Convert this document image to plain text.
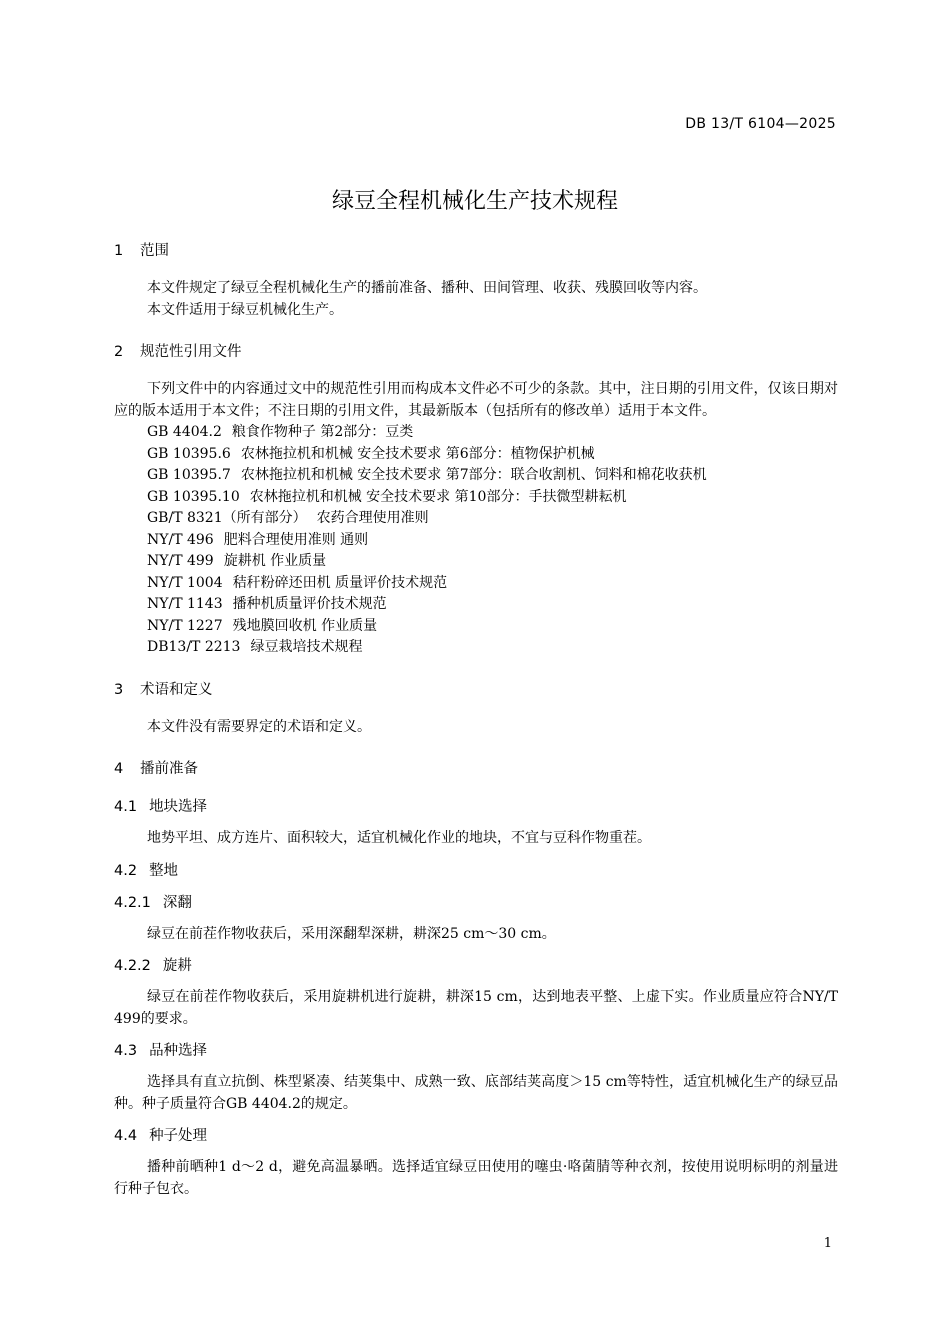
DB 13/T 6104—2025
绿豆全程机械化生产技术规程
1 范围

本文件规定了绿豆全程机械化生产的播前准备、播种、田间管理、收获、残膜回收等内容。

本文件适用于绿豆机械化生产。

2 规范性引用文件

下列文件中的内容通过文中的规范性引用而构成本文件必不可少的条款。其中，注日期的引用文件，仅该日期对应的版本适用于本文件；不注日期的引用文件，其最新版本（包括所有的修改单）适用于本文件。

GB 4404.2 粮食作物种子 第2部分：豆类

GB 10395.6 农林拖拉机和机械 安全技术要求 第6部分：植物保护机械

GB 10395.7 农林拖拉机和机械 安全技术要求 第7部分：联合收割机、饲料和棉花收获机

GB 10395.10 农林拖拉机和机械 安全技术要求 第10部分：手扶微型耕耘机

GB/T 8321（所有部分） 农药合理使用准则

NY/T 496 肥料合理使用准则 通则

NY/T 499 旋耕机 作业质量

NY/T 1004 秸秆粉碎还田机 质量评价技术规范

NY/T 1143 播种机质量评价技术规范

NY/T 1227 残地膜回收机 作业质量

DB13/T 2213 绿豆栽培技术规程

3 术语和定义

本文件没有需要界定的术语和定义。

4 播前准备
4.1 地块选择

地势平坦、成方连片、面积较大，适宜机械化作业的地块，不宜与豆科作物重茬。

4.2 整地
4.2.1 深翻

绿豆在前茬作物收获后，采用深翻犁深耕，耕深25 cm～30 cm。

4.2.2 旋耕

绿豆在前茬作物收获后，采用旋耕机进行旋耕，耕深15 cm，达到地表平整、上虚下实。作业质量应符合NY/T 499的要求。

4.3 品种选择

选择具有直立抗倒、株型紧凑、结荚集中、成熟一致、底部结荚高度＞15 cm等特性，适宜机械化生产的绿豆品种。种子质量符合GB 4404.2的规定。

4.4 种子处理

播种前晒种1 d～2 d，避免高温暴晒。选择适宜绿豆田使用的噻虫·咯菌腈等种衣剂，按使用说明标明的剂量进行种子包衣。

1
